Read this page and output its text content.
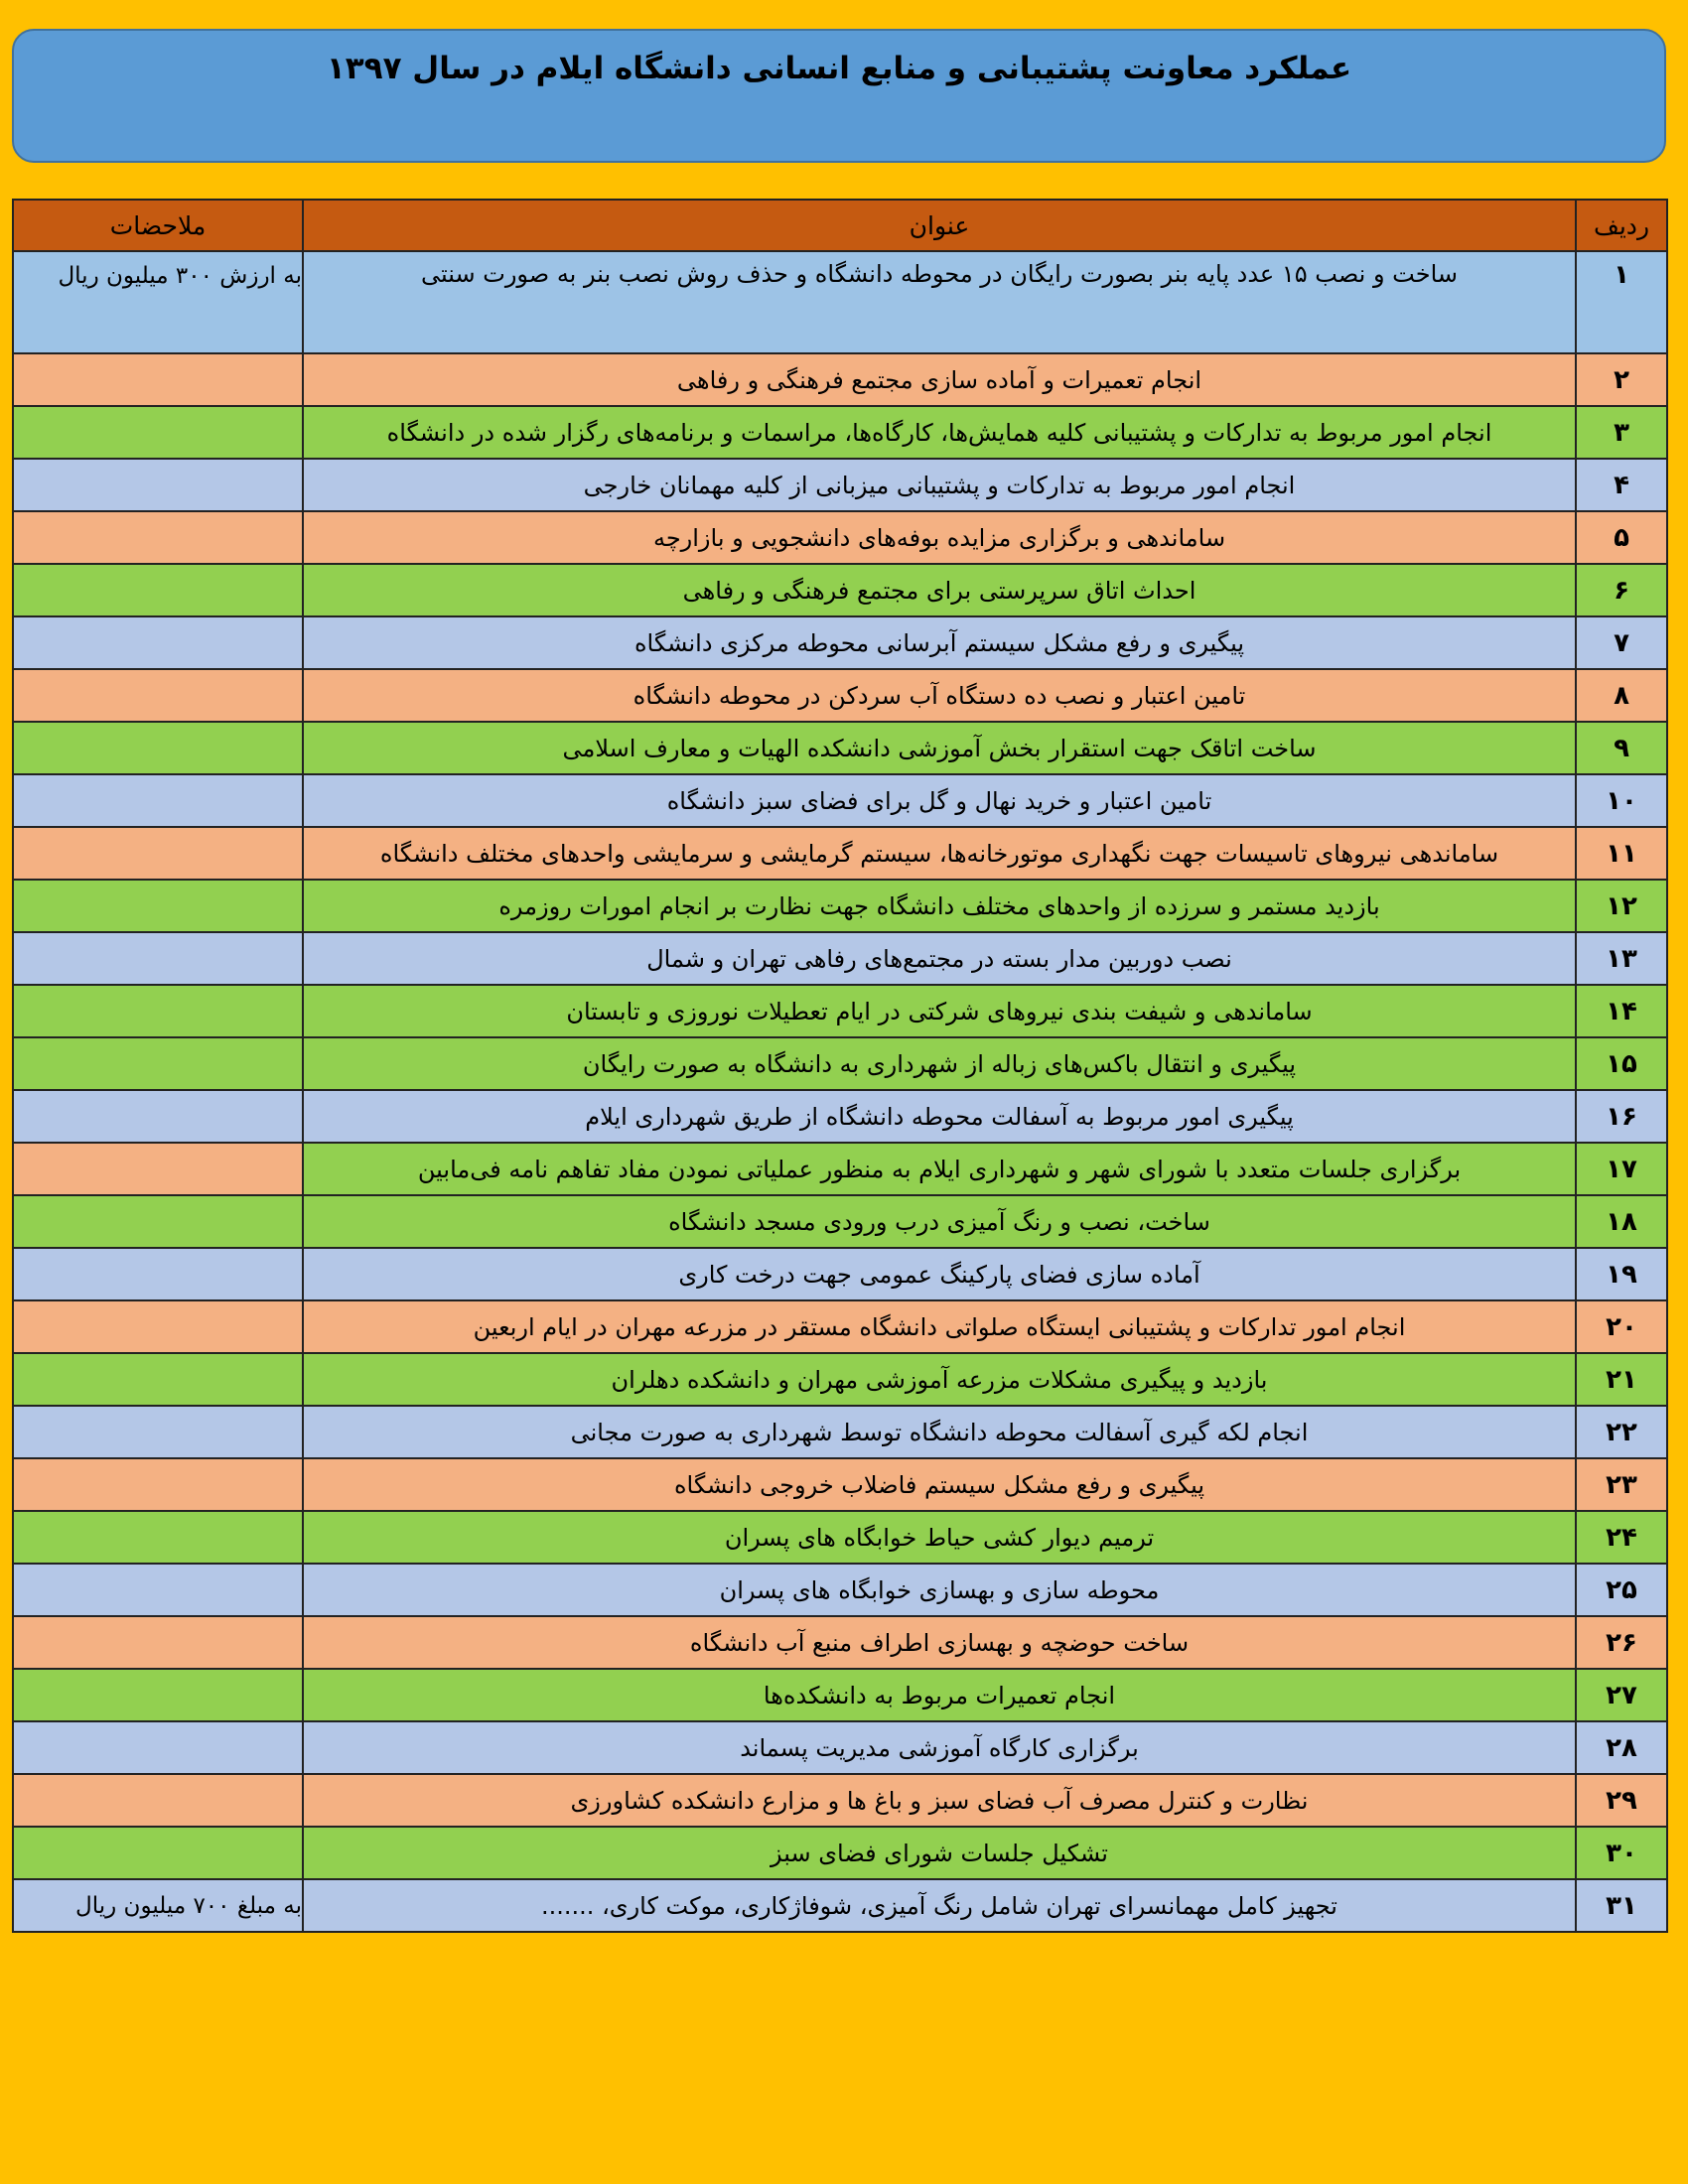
عملکرد معاونت پشتیبانی و منابع انسانی دانشگاه ایلام در سال ۱۳۹۷
ردیف	عنوان	ملاحضات
۱	ساخت و نصب ۱۵ عدد پایه بنر بصورت رایگان در محوطه دانشگاه و حذف روش نصب بنر به صورت سنتی	به ارزش ۳۰۰ میلیون ریال
۲	انجام تعمیرات و آماده سازی مجتمع فرهنگی و رفاهی	
۳	انجام امور مربوط به تدارکات و پشتیبانی کلیه همایش‌ها، کارگاه‌ها، مراسمات و برنامه‌های رگزار شده در دانشگاه	
۴	انجام امور مربوط به تدارکات و پشتیبانی میزبانی از کلیه مهمانان خارجی	
۵	ساماندهی و برگزاری مزایده بوفه‌های دانشجویی و بازارچه	
۶	احداث اتاق سرپرستی برای مجتمع فرهنگی و رفاهی	
۷	پیگیری و رفع مشکل سیستم آبرسانی محوطه مرکزی دانشگاه	
۸	تامین اعتبار و نصب ده دستگاه آب سردکن در محوطه دانشگاه	
۹	ساخت اتاقک جهت استقرار بخش آموزشی دانشکده الهیات و معارف اسلامی	
۱۰	تامین اعتبار و خرید نهال و گل برای فضای سبز دانشگاه	
۱۱	ساماندهی نیروهای تاسیسات جهت نگهداری موتورخانه‌ها، سیستم گرمایشی و سرمایشی واحدهای مختلف دانشگاه	
۱۲	بازدید مستمر و سرزده از واحدهای مختلف دانشگاه جهت نظارت بر انجام امورات روزمره	
۱۳	نصب دوربین مدار بسته در مجتمع‌های رفاهی تهران و شمال	
۱۴	ساماندهی و شیفت بندی نیروهای شرکتی در ایام تعطیلات نوروزی و تابستان	
۱۵	پیگیری و انتقال باکس‌های زباله از شهرداری به دانشگاه به صورت رایگان	
۱۶	پیگیری امور مربوط به آسفالت محوطه دانشگاه از طریق شهرداری ایلام	
۱۷	برگزاری جلسات متعدد با شورای شهر و شهرداری ایلام به منظور عملیاتی نمودن مفاد تفاهم نامه فی‌مابین	
۱۸	ساخت، نصب و رنگ آمیزی درب ورودی مسجد دانشگاه	
۱۹	آماده سازی فضای پارکینگ عمومی جهت درخت کاری	
۲۰	انجام امور تدارکات و پشتیبانی ایستگاه صلواتی دانشگاه مستقر در مزرعه مهران در ایام اربعین	
۲۱	بازدید و پیگیری مشکلات مزرعه آموزشی مهران و دانشکده دهلران	
۲۲	انجام لکه گیری آسفالت محوطه دانشگاه توسط شهرداری به صورت مجانی	
۲۳	پیگیری و رفع مشکل سیستم فاضلاب خروجی دانشگاه	
۲۴	ترمیم دیوار کشی حیاط خوابگاه های پسران	
۲۵	محوطه سازی و بهسازی خوابگاه های پسران	
۲۶	ساخت حوضچه و بهسازی اطراف منبع آب دانشگاه	
۲۷	انجام تعمیرات مربوط به دانشکده‌ها	
۲۸	برگزاری کارگاه آموزشی مدیریت پسماند	
۲۹	نظارت و کنترل مصرف آب فضای سبز و باغ ها و مزارع دانشکده کشاورزی	
۳۰	تشکیل جلسات شورای فضای سبز	
۳۱	تجهیز کامل مهمانسرای تهران شامل رنگ آمیزی، شوفاژکاری، موکت کاری، .......	به مبلغ ۷۰۰ میلیون ریال
